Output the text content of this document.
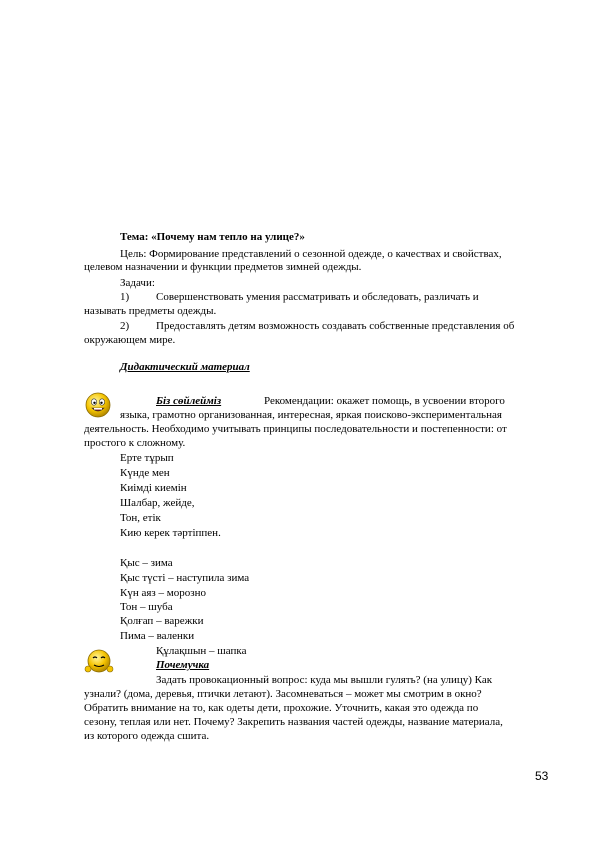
Тема: «Почему нам тепло на улице?»
Цель: Формирование представлений о сезонной одежде, о качествах и свойствах,
целевом назначении и функции предметов зимней одежды.
Задачи:
1) Совершенствовать умения рассматривать и обследовать, различать и
называть предметы одежды.
2) Предоставлять детям возможность создавать собственные представления об
окружающем мире.
Дидактический материал
Біз сөйлейміз	Рекомендации: окажет помощь, в усвоении второго
языка, грамотно организованная, интересная, яркая поисково-экспериментальная
деятельность. Необходимо учитывать принципы последовательности и постепенности: от
простого к сложному.
Ерте тұрып
Күнде мен
Киімді киемін
Шалбар, жейде,
Тон, етік
Кию керек тәртіппен.
Қыс – зима
Қыс түсті – наступила зима
Күн аяз – морозно
Тон – шуба
Қолғап – варежки
Пима – валенки
Құлақшын – шапка
Почемучка
Задать провокационный вопрос: куда мы вышли гулять? (на улицу) Как
узнали? (дома, деревья, птички летают). Засомневаться – может мы смотрим в окно?
Обратить внимание на то, как одеты дети, прохожие. Уточнить, какая это одежда по
сезону, теплая или нет. Почему? Закрепить названия частей одежды, название материала,
из которого одежда сшита.
53
